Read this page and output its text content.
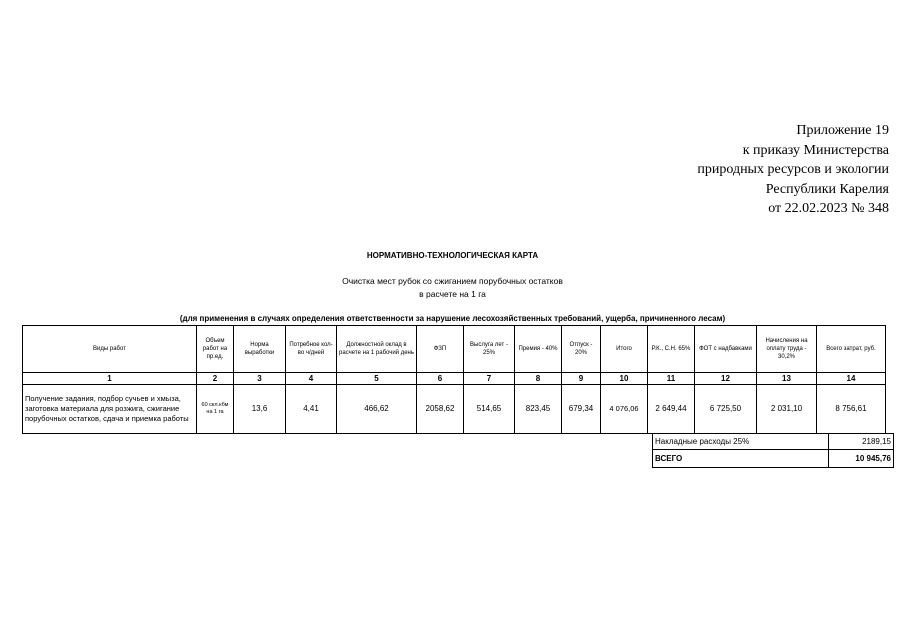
Приложение 19
к приказу Министерства
природных ресурсов и экологии
Республики Карелия
от 22.02.2023 № 348
НОРМАТИВНО-ТЕХНОЛОГИЧЕСКАЯ КАРТА
Очистка мест рубок со сжиганием порубочных остатков
в расчете на 1 га
(для применения в случаях определения ответственности за нарушение лесохозяйственных требований, ущерба, причиненного лесам)
Виды работ	Объем работ на пр.ед.	Норма выработки	Потребное кол-во ч/дней	Должностной оклад в расчете на 1 рабочий день	ФЗП	Выслуга лет - 25%	Премия - 40%	Отпуск - 20%	Итого	Р.К., С.Н. 65%	ФОТ с надбавками	Начисления на оплату труда - 30,2%	Всего затрат, руб.
1	2	3	4	5	6	7	8	9	10	11	12	13	14
Получение задания, подбор сучьев и хмыза, заготовка материала для розжига, сжигание порубочных остатков, сдача и приемка работы	60 скл.кбм на 1 га	13,6	4,41	466,62	2058,62	514,65	823,45	679,34	4 076,06	2 649,44	6 725,50	2 031,10	8 756,61
Накладные расходы 25%	2189,15
ВСЕГО	10 945,76
